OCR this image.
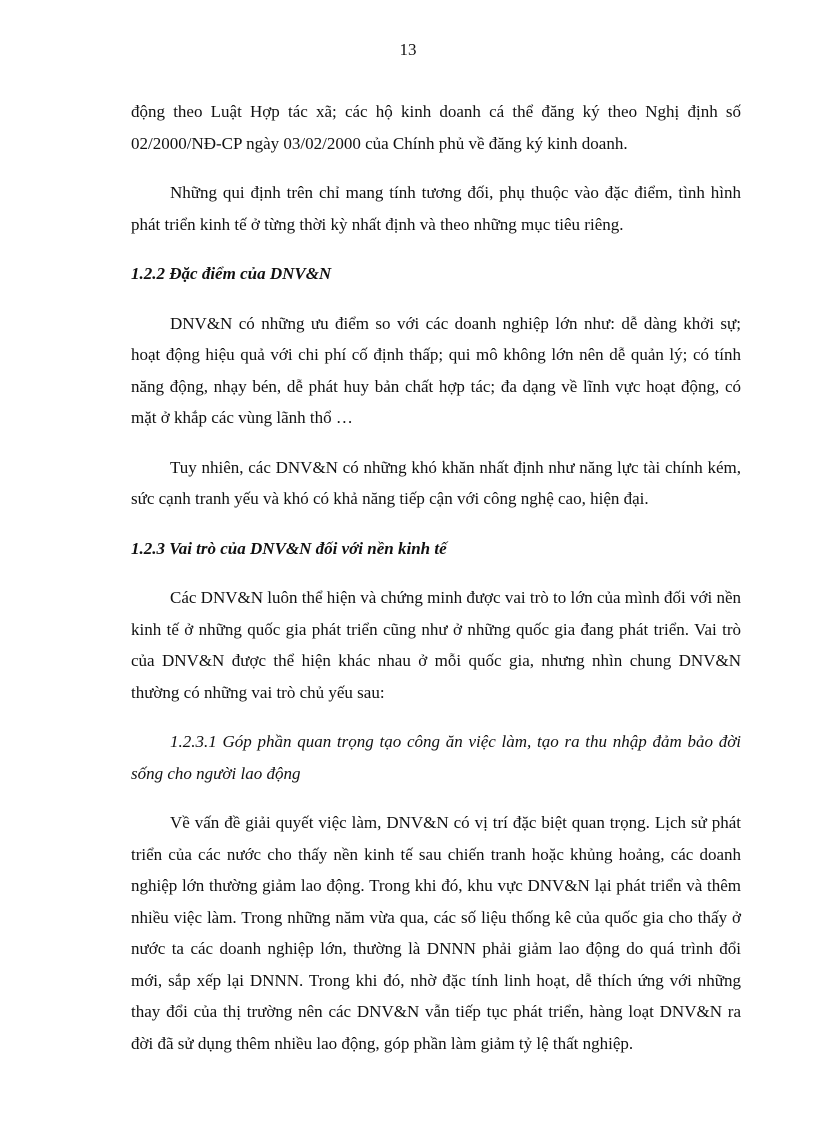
13

động theo Luật Hợp tác xã; các hộ kinh doanh cá thể đăng ký theo Nghị định số 02/2000/NĐ-CP ngày 03/02/2000 của Chính phủ về đăng ký kinh doanh.

Những qui định trên chỉ mang tính tương đối, phụ thuộc vào đặc điểm, tình hình phát triển kinh tế ở từng thời kỳ nhất định và theo những mục tiêu riêng.

1.2.2 Đặc điểm của DNV&N

DNV&N có những ưu điểm so với các doanh nghiệp lớn như: dễ dàng khởi sự; hoạt động hiệu quả với chi phí cố định thấp; qui mô không lớn nên dễ quản lý; có tính năng động, nhạy bén, dễ phát huy bản chất hợp tác; đa dạng về lĩnh vực hoạt động, có mặt ở khắp các vùng lãnh thổ …

Tuy nhiên, các DNV&N có những khó khăn nhất định như năng lực tài chính kém, sức cạnh tranh yếu và khó có khả năng tiếp cận với công nghệ cao, hiện đại.

1.2.3 Vai trò của DNV&N đối với nền kinh tế

Các DNV&N luôn thể hiện và chứng minh được vai trò to lớn của mình đối với nền kinh tế ở những quốc gia phát triển cũng như ở những quốc gia đang phát triển. Vai trò của DNV&N được thể hiện khác nhau ở mỗi quốc gia, nhưng nhìn chung DNV&N thường có những vai trò chủ yếu sau:

1.2.3.1 Góp phần quan trọng tạo công ăn việc làm, tạo ra thu nhập đảm bảo đời sống cho người lao động

Về vấn đề giải quyết việc làm, DNV&N có vị trí đặc biệt quan trọng. Lịch sử phát triển của các nước cho thấy nền kinh tế sau chiến tranh hoặc khủng hoảng, các doanh nghiệp lớn thường giảm lao động. Trong khi đó, khu vực DNV&N lại phát triển và thêm nhiều việc làm. Trong những năm vừa qua, các số liệu thống kê của quốc gia cho thấy ở nước ta các doanh nghiệp lớn, thường là DNNN phải giảm lao động do quá trình đổi mới, sắp xếp lại DNNN. Trong khi đó, nhờ đặc tính linh hoạt, dễ thích ứng với những thay đổi của thị trường nên các DNV&N vẫn tiếp tục phát triển, hàng loạt DNV&N ra đời đã sử dụng thêm nhiều lao động, góp phần làm giảm tỷ lệ thất nghiệp.
